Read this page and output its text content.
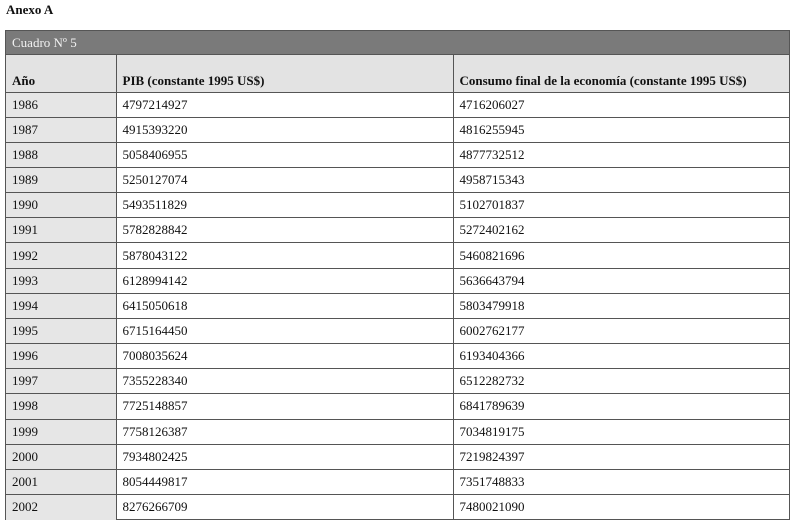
Anexo A
Cuadro Nº 5
Año	PIB (constante 1995 US$)	Consumo final de la economía (constante 1995 US$)
1986	4797214927	4716206027
1987	4915393220	4816255945
1988	5058406955	4877732512
1989	5250127074	4958715343
1990	5493511829	5102701837
1991	5782828842	5272402162
1992	5878043122	5460821696
1993	6128994142	5636643794
1994	6415050618	5803479918
1995	6715164450	6002762177
1996	7008035624	6193404366
1997	7355228340	6512282732
1998	7725148857	6841789639
1999	7758126387	7034819175
2000	7934802425	7219824397
2001	8054449817	7351748833
2002	8276266709	7480021090
